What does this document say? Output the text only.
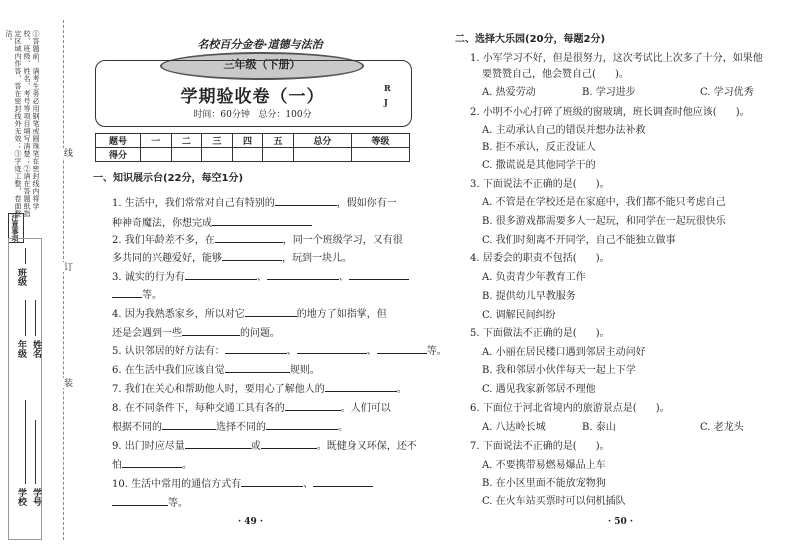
①答题前，请考生务必用钢笔或圆珠笔在密封线内将学校、班级、姓名、考号等项目填写清楚；②请在答题纸指定区域内作答，答在密封线外无效；③字迹工整，卷面整洁。
注意事项
线
订
装
班级
年级 姓名
学校 学号
名校百分金卷·道德与法治
三年级（下册）
学期验收卷（一）	R
J
时间：60分钟   总分：100分
题号	一	二	三	四	五	总分	等级
得分							
一、知识展示台(22分，每空1分)
1. 生活中，我们常常对自己有特别的	，假如你有一
种神奇魔法，你想完成
2. 我们年龄差不多，在	，同一个班级学习，又有很
多共同的兴趣爱好，能够	，玩到一块儿。
3. 诚实的行为有	、	、
等。
4. 因为我熟悉家乡，所以对它	的地方了如指掌，但
还是会遇到一些	的问题。
5. 认识邻居的好方法有：	、	、	等。
6. 在生活中我们应该自觉	规则。
7. 我们在关心和帮助他人时，要用心了解他人的	。
8. 在不同条件下，每种交通工具有各的	。人们可以
根据不同的	选择不同的	。
9. 出门时应尽量	或	。既健身又环保，还不
怕	。
10. 生活中常用的通信方式有	、
等。
· 49 ·
二、选择大乐园(20分，每题2分)
1. 小军学习不好，但是很努力，这次考试比上次多了十分，如果他
要赞赞自己，他会赞自己(      )。
A. 热爱劳动	B. 学习进步	C. 学习优秀
2. 小明不小心打碎了班级的窗玻璃，班长调查时他应该(      )。
A. 主动承认自己的错误并想办法补救
B. 拒不承认，反正没证人
C. 撒谎说是其他同学干的
3. 下面说法不正确的是(      )。
A. 不管是在学校还是在家庭中，我们都不能只考虑自己
B. 很多游戏都需要多人一起玩，和同学在一起玩很快乐
C. 我们时刻离不开同学，自己不能独立做事
4. 居委会的职责不包括(      )。
A. 负责青少年教育工作
B. 提供幼儿早教服务
C. 调解民间纠纷
5. 下面做法不正确的是(      )。
A. 小丽在居民楼口遇到邻居主动问好
B. 我和邻居小伙伴每天一起上下学
C. 遇见我家新邻居不理他
6. 下面位于河北省境内的旅游景点是(      )。
A. 八达岭长城	B. 泰山	C. 老龙头
7. 下面说法不正确的是(      )。
A. 不要携带易燃易爆品上车
B. 在小区里面不能放宠物狗
C. 在火车站买票时可以伺机插队
· 50 ·
